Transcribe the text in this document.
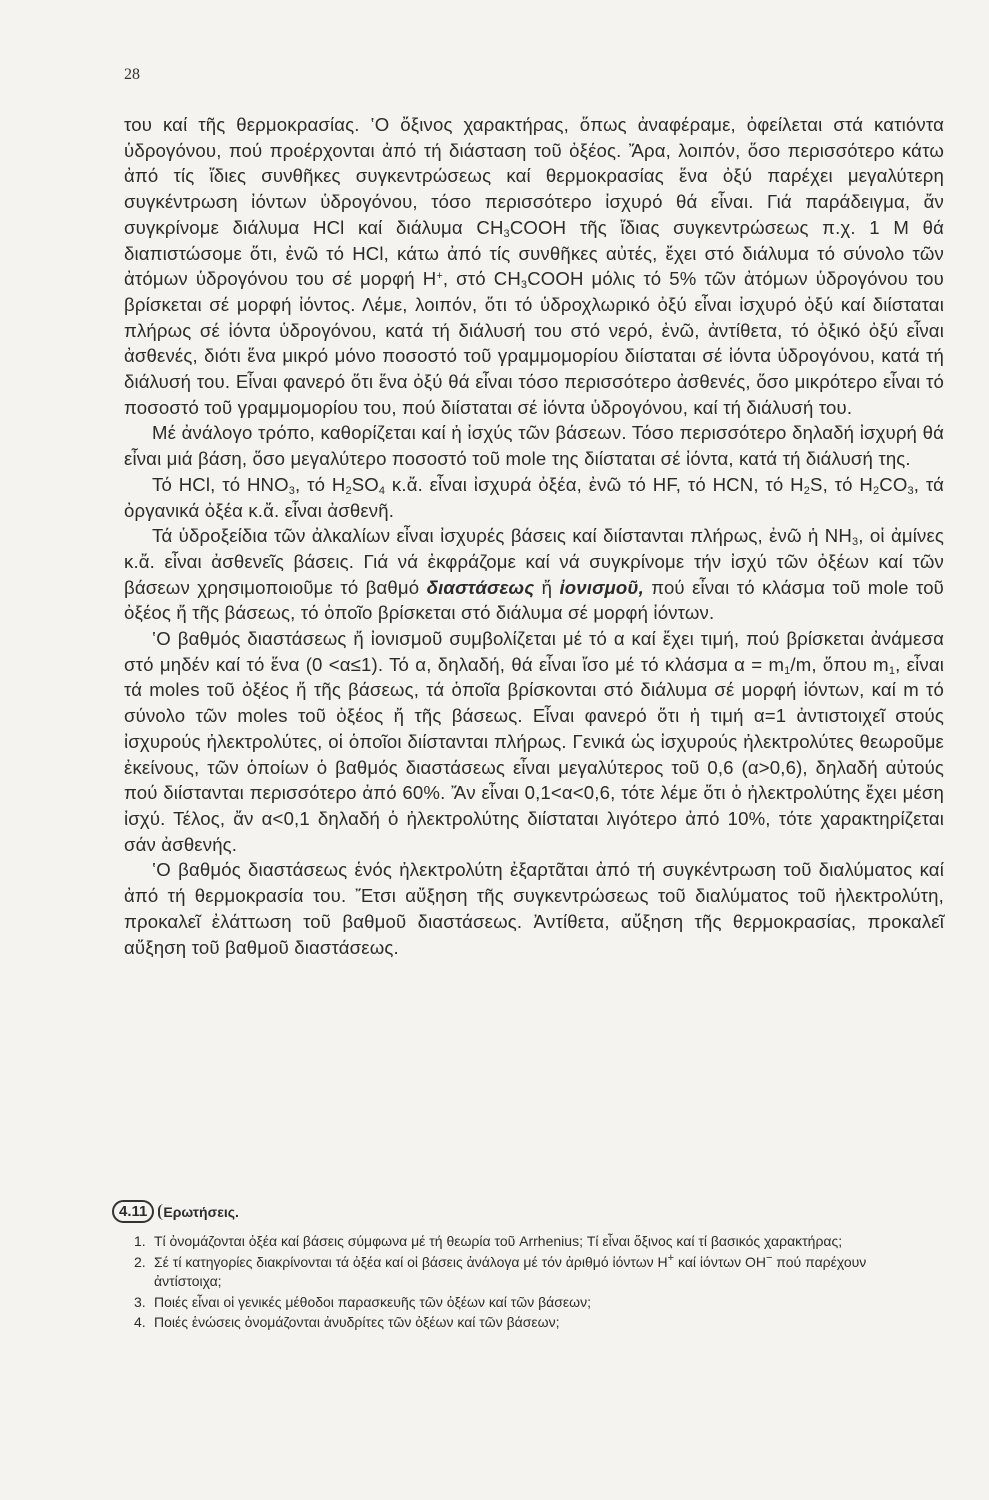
28

του καί τῆς θερμοκρασίας. ‛Ο ὄξινος χαρακτήρας, ὅπως ἀναφέραμε, ὀφείλεται στά κατιόντα ὑδρογόνου, πού προέρχονται ἀπό τή διάσταση τοῦ ὀξέος. Ἄρα, λοιπόν, ὅσο περισσότερο κάτω ἀπό τίς ἴδιες συνθῆκες συγκεντρώσεως καί θερμοκρασίας ἕνα ὀξύ παρέχει μεγαλύτερη συγκέντρωση ἰόντων ὑδρογόνου, τόσο περισσότερο ἰσχυρό θά εἶναι. Γιά παράδειγμα, ἄν συγκρίνομε διάλυμα HCl καί διάλυμα $CH_3COOH$ τῆς ἴδιας συγκεντρώσεως π.χ. 1 Μ θά διαπιστώσομε ὅτι, ἐνῶ τό HCl, κάτω ἀπό τίς συνθῆκες αὐτές, ἔχει στό διάλυμα τό σύνολο τῶν ἀτόμων ὑδρογόνου του σέ μορφή Η+, στό $CH_3COOH$ μόλις τό 5% τῶν ἀτόμων ὑδρογόνου του βρίσκεται σέ μορφή ἰόντος. Λέμε, λοιπόν, ὅτι τό ὑδροχλωρικό ὀξύ εἶναι ἰσχυρό ὀξύ καί διίσταται πλήρως σέ ἰόντα ὑδρογόνου, κατά τή διάλυσή του στό νερό, ἐνῶ, ἀντίθετα, τό ὀξικό ὀξύ εἶναι ἀσθενές, διότι ἕνα μικρό μόνο ποσοστό τοῦ γραμμομορίου διίσταται σέ ἰόντα ὑδρογόνου, κατά τή διάλυσή του. Εἶναι φανερό ὅτι ἕνα ὀξύ θά εἶναι τόσο περισσότερο ἀσθενές, ὅσο μικρότερο εἶναι τό ποσοστό τοῦ γραμμομορίου του, πού διίσταται σέ ἰόντα ὑδρογόνου, καί τή διάλυσή του.

Μέ ἀνάλογο τρόπο, καθορίζεται καί ἡ ἰσχύς τῶν βάσεων. Τόσο περισσότερο δηλαδή ἰσχυρή θά εἶναι μιά βάση, ὅσο μεγαλύτερο ποσοστό τοῦ mole της διίσταται σέ ἰόντα, κατά τή διάλυσή της.

Τό HCl, τό $HNO_3$, τό $H_2SO_4$ κ.ἄ. εἶναι ἰσχυρά ὀξέα, ἐνῶ τό HF, τό HCN, τό $H_2S$, τό $H_2CO_3$, τά ὀργανικά ὀξέα κ.ἄ. εἶναι ἀσθενῆ.

Τά ὑδροξείδια τῶν ἀλκαλίων εἶναι ἰσχυρές βάσεις καί διίστανται πλήρως, ἐνῶ ἡ $NH_3$, οἱ ἀμίνες κ.ἄ. εἶναι ἀσθενεῖς βάσεις. Γιά νά ἐκφράζομε καί νά συγκρίνομε τήν ἰσχύ τῶν ὀξέων καί τῶν βάσεων χρησιμοποιοῦμε τό βαθμό διαστάσεως ἤ ἰονισμοῦ, πού εἶναι τό κλάσμα τοῦ mole τοῦ ὀξέος ἤ τῆς βάσεως, τό ὁποῖο βρίσκεται στό διάλυμα σέ μορφή ἰόντων.

‛Ο βαθμός διαστάσεως ἤ ἰονισμοῦ συμβολίζεται μέ τό α καί ἔχει τιμή, πού βρίσκεται ἀνάμεσα στό μηδέν καί τό ἕνα (0 <α≤1). Τό α, δηλαδή, θά εἶναι ἴσο μέ τό κλάσμα $\alpha = m_1/m$, ὅπου $m_1$, εἶναι τά moles τοῦ ὀξέος ἤ τῆς βάσεως, τά ὁποῖα βρίσκονται στό διάλυμα σέ μορφή ἰόντων, καί m τό σύνολο τῶν moles τοῦ ὀξέος ἤ τῆς βάσεως. Εἶναι φανερό ὅτι ἡ τιμή α=1 ἀντιστοιχεῖ στούς ἰσχυρούς ἠλεκτρολύτες, οἱ ὁποῖοι διίστανται πλήρως. Γενικά ὡς ἰσχυρούς ἠλεκτρολύτες θεωροῦμε ἐκείνους, τῶν ὁποίων ὁ βαθμός διαστάσεως εἶναι μεγαλύτερος τοῦ 0,6 (α>0,6), δηλαδή αὐτούς πού διίστανται περισσότερο ἀπό 60%. Ἄν εἶναι 0,1<α<0,6, τότε λέμε ὅτι ὁ ἠλεκτρολύτης ἔχει μέση ἰσχύ. Τέλος, ἄν α<0,1 δηλαδή ὁ ἠλεκτρολύτης διίσταται λιγότερο ἀπό 10%, τότε χαρακτηρίζεται σάν ἀσθενής.

‛Ο βαθμός διαστάσεως ἑνός ἠλεκτρολύτη ἐξαρτᾶται ἀπό τή συγκέντρωση τοῦ διαλύματος καί ἀπό τή θερμοκρασία του. Ἔτσι αὔξηση τῆς συγκεντρώσεως τοῦ διαλύματος τοῦ ἠλεκτρολύτη, προκαλεῖ ἐλάττωση τοῦ βαθμοῦ διαστάσεως. Ἀντίθετα, αὔξηση τῆς θερμοκρασίας, προκαλεῖ αὔξηση τοῦ βαθμοῦ διαστάσεως.

4.11	Ερωτήσεις.
1. Τί ὀνομάζονται ὀξέα καί βάσεις σύμφωνα μέ τή θεωρία τοῦ Arrhenius; Τί εἶναι ὄξινος καί τί βασικός χαρακτήρας;
2. Σέ τί κατηγορίες διακρίνονται τά ὀξέα καί οἱ βάσεις ἀνάλογα μέ τόν ἀριθμό ἰόντων H+ καί ἰόντων OH− πού παρέχουν ἀντίστοιχα;
3. Ποιές εἶναι οἱ γενικές μέθοδοι παρασκευῆς τῶν ὀξέων καί τῶν βάσεων;
4. Ποιές ἑνώσεις ὀνομάζονται ἀνυδρίτες τῶν ὀξέων καί τῶν βάσεων;
